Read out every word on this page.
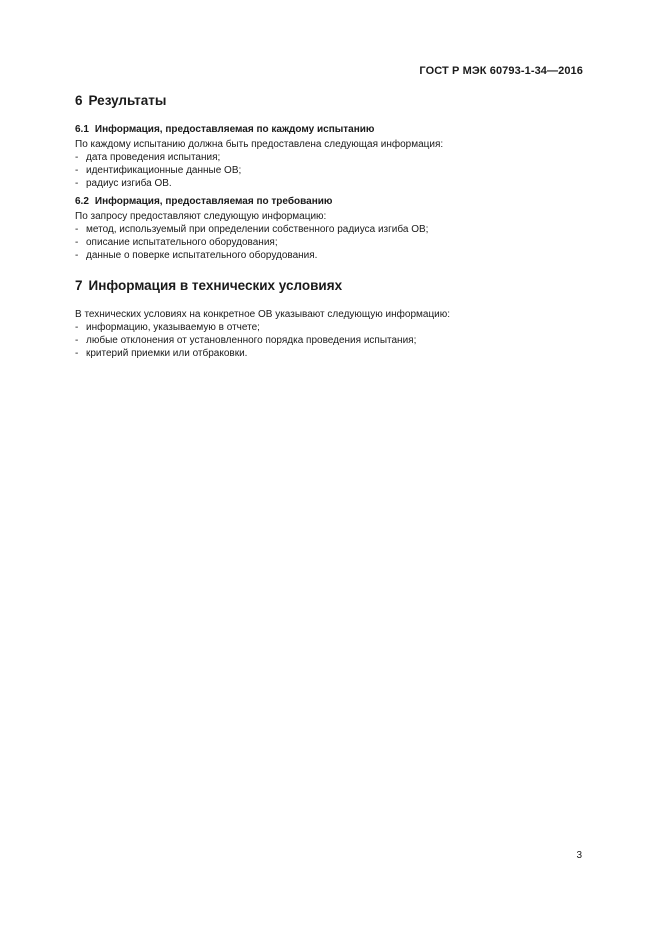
ГОСТ Р МЭК 60793-1-34—2016
6 Результаты
6.1 Информация, предоставляемая по каждому испытанию

По каждому испытанию должна быть предоставлена следующая информация:

- дата проведения испытания;
- идентификационные данные ОВ;
- радиус изгиба ОВ.
6.2 Информация, предоставляемая по требованию

По запросу предоставляют следующую информацию:

- метод, используемый при определении собственного радиуса изгиба ОВ;
- описание испытательного оборудования;
- данные о поверке испытательного оборудования.
7 Информация в технических условиях

В технических условиях на конкретное ОВ указывают следующую информацию:

- информацию, указываемую в отчете;
- любые отклонения от установленного порядка проведения испытания;
- критерий приемки или отбраковки.
3
